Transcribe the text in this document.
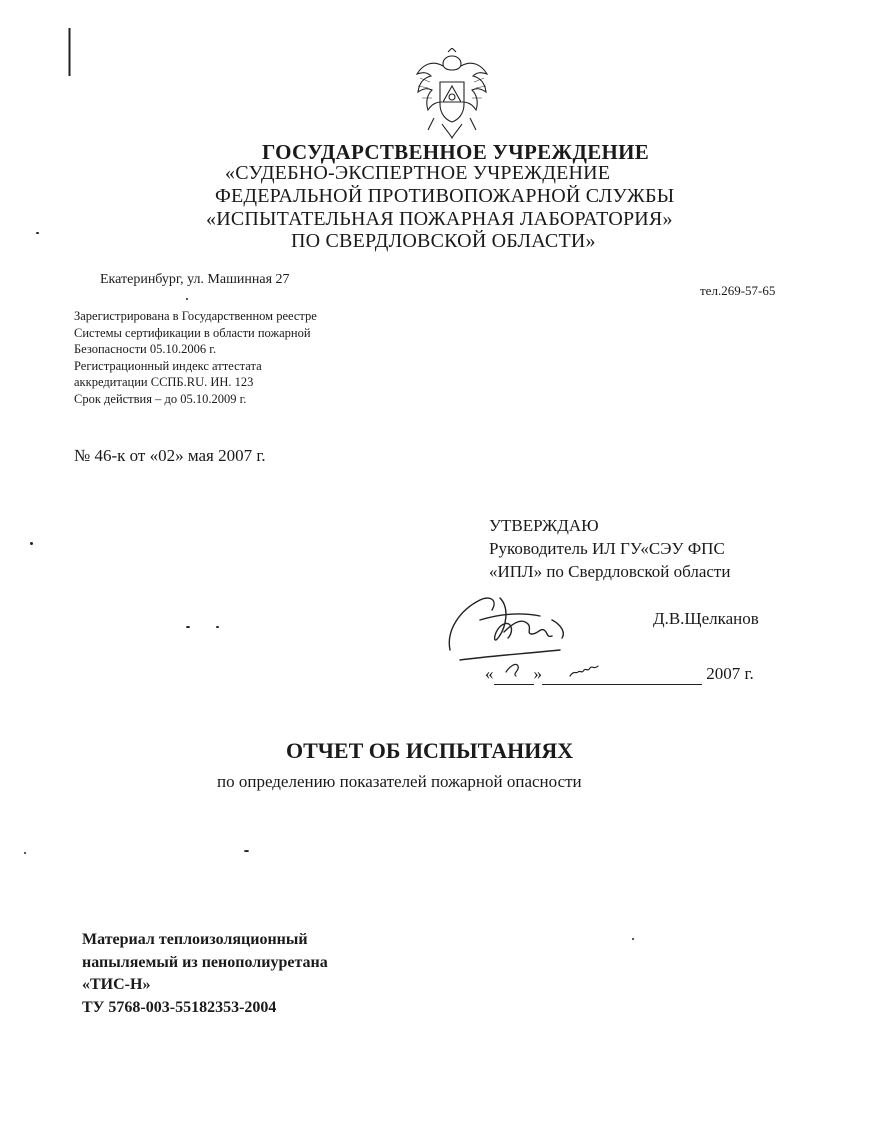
ГОСУДАРСТВЕННОЕ УЧРЕЖДЕНИЕ
«СУДЕБНО-ЭКСПЕРТНОЕ УЧРЕЖДЕНИЕ
ФЕДЕРАЛЬНОЙ ПРОТИВОПОЖАРНОЙ СЛУЖБЫ
«ИСПЫТАТЕЛЬНАЯ ПОЖАРНАЯ ЛАБОРАТОРИЯ»
ПО СВЕРДЛОВСКОЙ ОБЛАСТИ»
Екатеринбург, ул. Машинная 27
тел.269-57-65
Зарегистрирована в Государственном реестре
Системы сертификации в области пожарной
Безопасности 05.10.2006 г.
Регистрационный индекс аттестата
аккредитации ССПБ.RU. ИН. 123
Срок действия – до 05.10.2009 г.
№ 46-к от «02» мая 2007 г.
УТВЕРЖДАЮ
Руководитель ИЛ ГУ«СЭУ ФПС
«ИПЛ» по Свердловской области
Д.В.Щелканов
« »	2007 г.
ОТЧЕТ ОБ ИСПЫТАНИЯХ
по определению показателей пожарной опасности
Материал теплоизоляционный
напыляемый из пенополиуретана
«ТИС-Н»
ТУ 5768-003-55182353-2004
